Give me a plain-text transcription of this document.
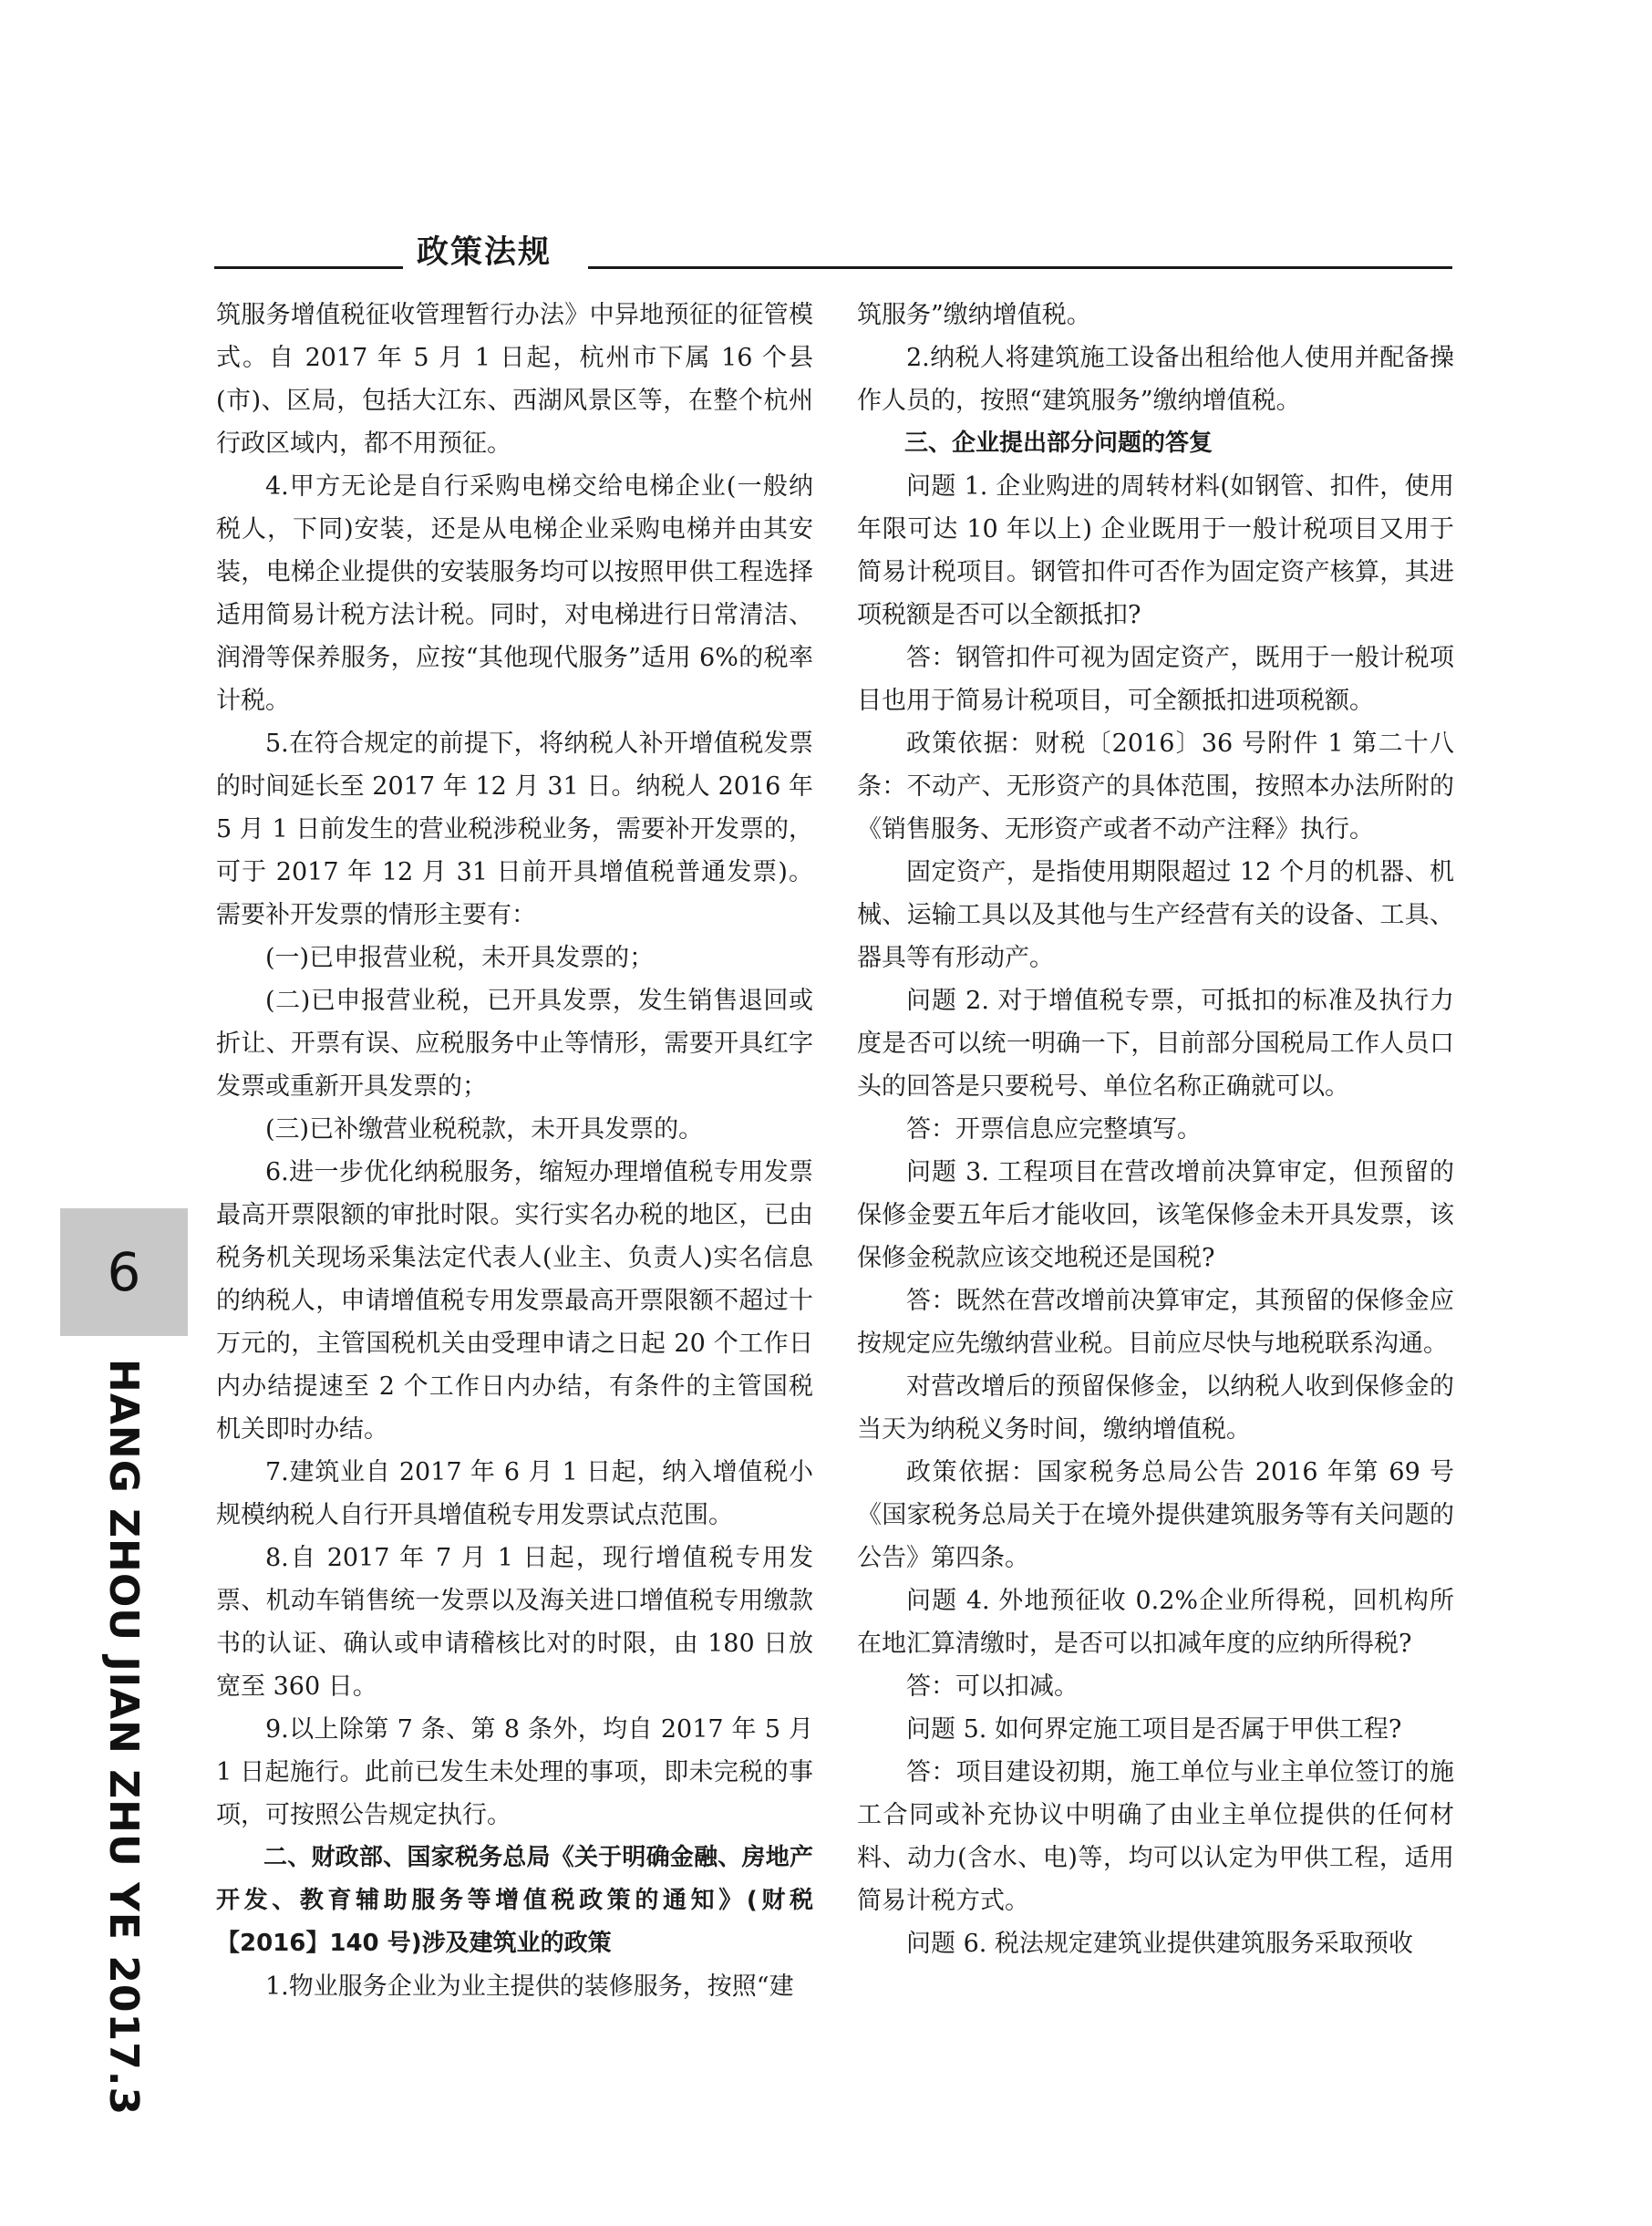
政策法规

筑服务增值税征收管理暂行办法》中异地预征的征管模式。自 2017 年 5 月 1 日起，杭州市下属 16 个县(市)、区局，包括大江东、西湖风景区等，在整个杭州行政区域内，都不用预征。

4.甲方无论是自行采购电梯交给电梯企业(一般纳税人，下同)安装，还是从电梯企业采购电梯并由其安装，电梯企业提供的安装服务均可以按照甲供工程选择适用简易计税方法计税。同时，对电梯进行日常清洁、润滑等保养服务，应按“其他现代服务”适用 6%的税率计税。

5.在符合规定的前提下，将纳税人补开增值税发票的时间延长至 2017 年 12 月 31 日。纳税人 2016 年 5 月 1 日前发生的营业税涉税业务，需要补开发票的，可于 2017 年 12 月 31 日前开具增值税普通发票)。需要补开发票的情形主要有：

(一)已申报营业税，未开具发票的；

(二)已申报营业税，已开具发票，发生销售退回或折让、开票有误、应税服务中止等情形，需要开具红字发票或重新开具发票的；

(三)已补缴营业税税款，未开具发票的。

6.进一步优化纳税服务，缩短办理增值税专用发票最高开票限额的审批时限。实行实名办税的地区，已由税务机关现场采集法定代表人(业主、负责人)实名信息的纳税人，申请增值税专用发票最高开票限额不超过十万元的，主管国税机关由受理申请之日起 20 个工作日内办结提速至 2 个工作日内办结，有条件的主管国税机关即时办结。

7.建筑业自 2017 年 6 月 1 日起，纳入增值税小规模纳税人自行开具增值税专用发票试点范围。

8.自 2017 年 7 月 1 日起，现行增值税专用发票、机动车销售统一发票以及海关进口增值税专用缴款书的认证、确认或申请稽核比对的时限，由 180 日放宽至 360 日。

9.以上除第 7 条、第 8 条外，均自 2017 年 5 月 1 日起施行。此前已发生未处理的事项，即未完税的事项，可按照公告规定执行。

二、财政部、国家税务总局《关于明确金融、房地产开发、教育辅助服务等增值税政策的通知》(财税【2016】140 号)涉及建筑业的政策

1.物业服务企业为业主提供的装修服务，按照“建

筑服务”缴纳增值税。

2.纳税人将建筑施工设备出租给他人使用并配备操作人员的，按照“建筑服务”缴纳增值税。

三、企业提出部分问题的答复

问题 1. 企业购进的周转材料(如钢管、扣件，使用年限可达 10 年以上) 企业既用于一般计税项目又用于简易计税项目。钢管扣件可否作为固定资产核算，其进项税额是否可以全额抵扣?

答：钢管扣件可视为固定资产，既用于一般计税项目也用于简易计税项目，可全额抵扣进项税额。

政策依据：财税〔2016〕36 号附件 1 第二十八条：不动产、无形资产的具体范围，按照本办法所附的《销售服务、无形资产或者不动产注释》执行。

固定资产，是指使用期限超过 12 个月的机器、机械、运输工具以及其他与生产经营有关的设备、工具、器具等有形动产。

问题 2. 对于增值税专票，可抵扣的标准及执行力度是否可以统一明确一下，目前部分国税局工作人员口头的回答是只要税号、单位名称正确就可以。

答：开票信息应完整填写。

问题 3. 工程项目在营改增前决算审定，但预留的保修金要五年后才能收回，该笔保修金未开具发票，该保修金税款应该交地税还是国税?

答：既然在营改增前决算审定，其预留的保修金应按规定应先缴纳营业税。目前应尽快与地税联系沟通。

对营改增后的预留保修金，以纳税人收到保修金的当天为纳税义务时间，缴纳增值税。

政策依据：国家税务总局公告 2016 年第 69 号《国家税务总局关于在境外提供建筑服务等有关问题的公告》第四条。

问题 4. 外地预征收 0.2%企业所得税，回机构所在地汇算清缴时，是否可以扣减年度的应纳所得税?

答：可以扣减。

问题 5. 如何界定施工项目是否属于甲供工程?

答：项目建设初期，施工单位与业主单位签订的施工合同或补充协议中明确了由业主单位提供的任何材料、动力(含水、电)等，均可以认定为甲供工程，适用简易计税方式。

问题 6. 税法规定建筑业提供建筑服务采取预收

6
HANG ZHOU JIAN ZHU YE 2017.3
